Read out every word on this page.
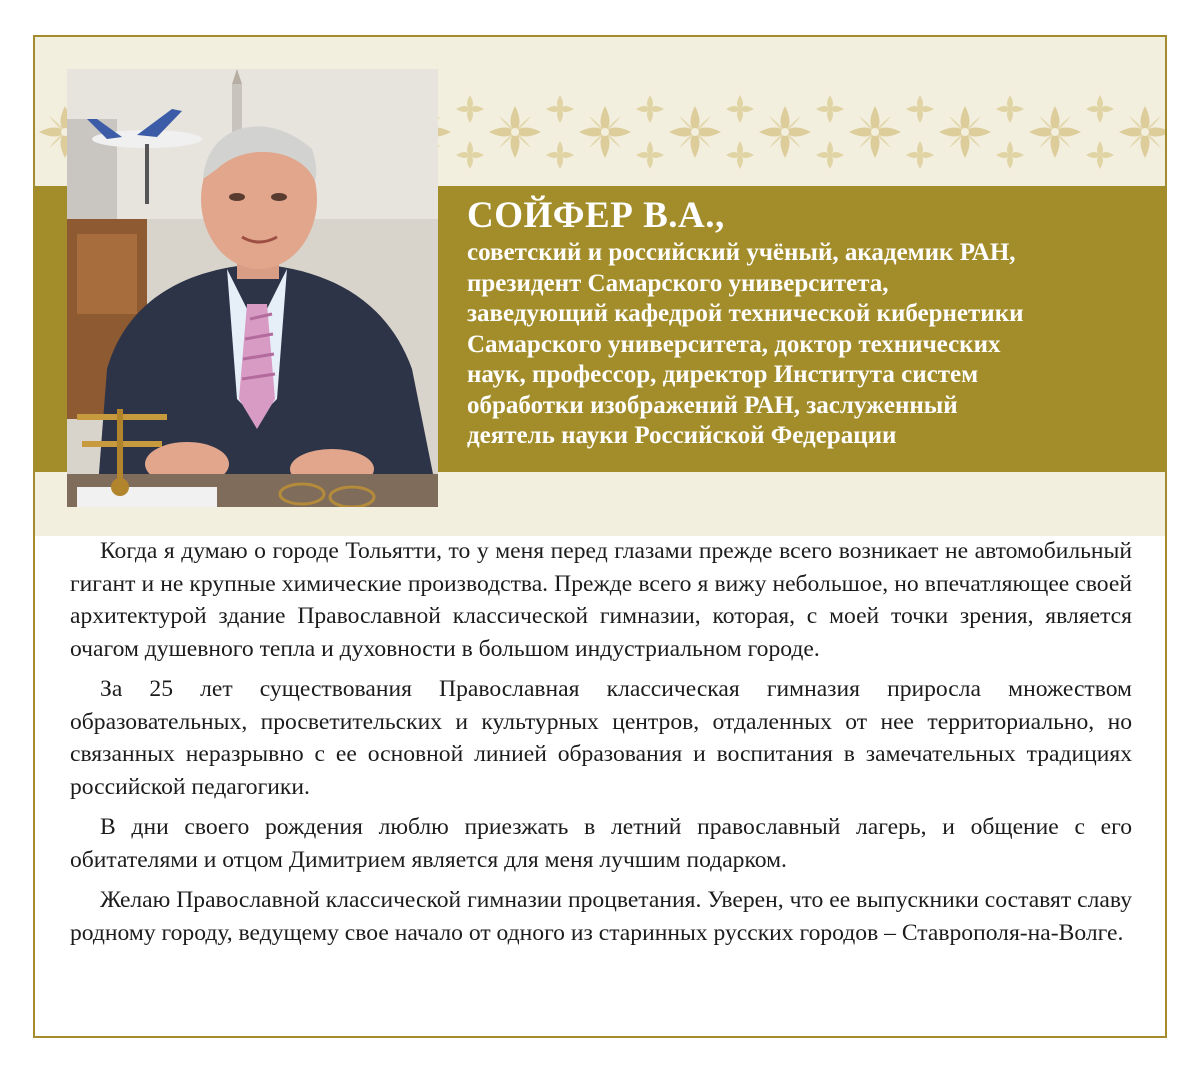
СОЙФЕР В.А.,
советский и российский учёный, академик РАН,
президент Самарского университета,
заведующий кафедрой технической кибернетики
Самарского университета, доктор технических
наук, профессор, директор Института систем
обработки изображений РАН, заслуженный
деятель науки Российской Федерации

Когда я думаю о городе Тольятти, то у меня перед глазами прежде всего возникает не автомобильный гигант и не крупные химические производства. Прежде всего я вижу небольшое, но впечатляющее своей архитектурой здание Православной классической гимназии, которая, с моей точки зрения, является очагом душевного тепла и духовности в большом индустриальном городе.

За 25 лет существования Православная классическая гимназия приросла множеством образовательных, просветительских и культурных центров, отдаленных от нее территориально, но связанных неразрывно с ее основной линией образования и воспитания в замечательных традициях российской педагогики.

В дни своего рождения люблю приезжать в летний православный лагерь, и общение с его обитателями и отцом Димитрием является для меня лучшим подарком.

Желаю Православной классической гимназии процветания. Уверен, что ее выпускники составят славу родному городу, ведущему свое начало от одного из старинных русских городов – Ставрополя-на-Волге.
